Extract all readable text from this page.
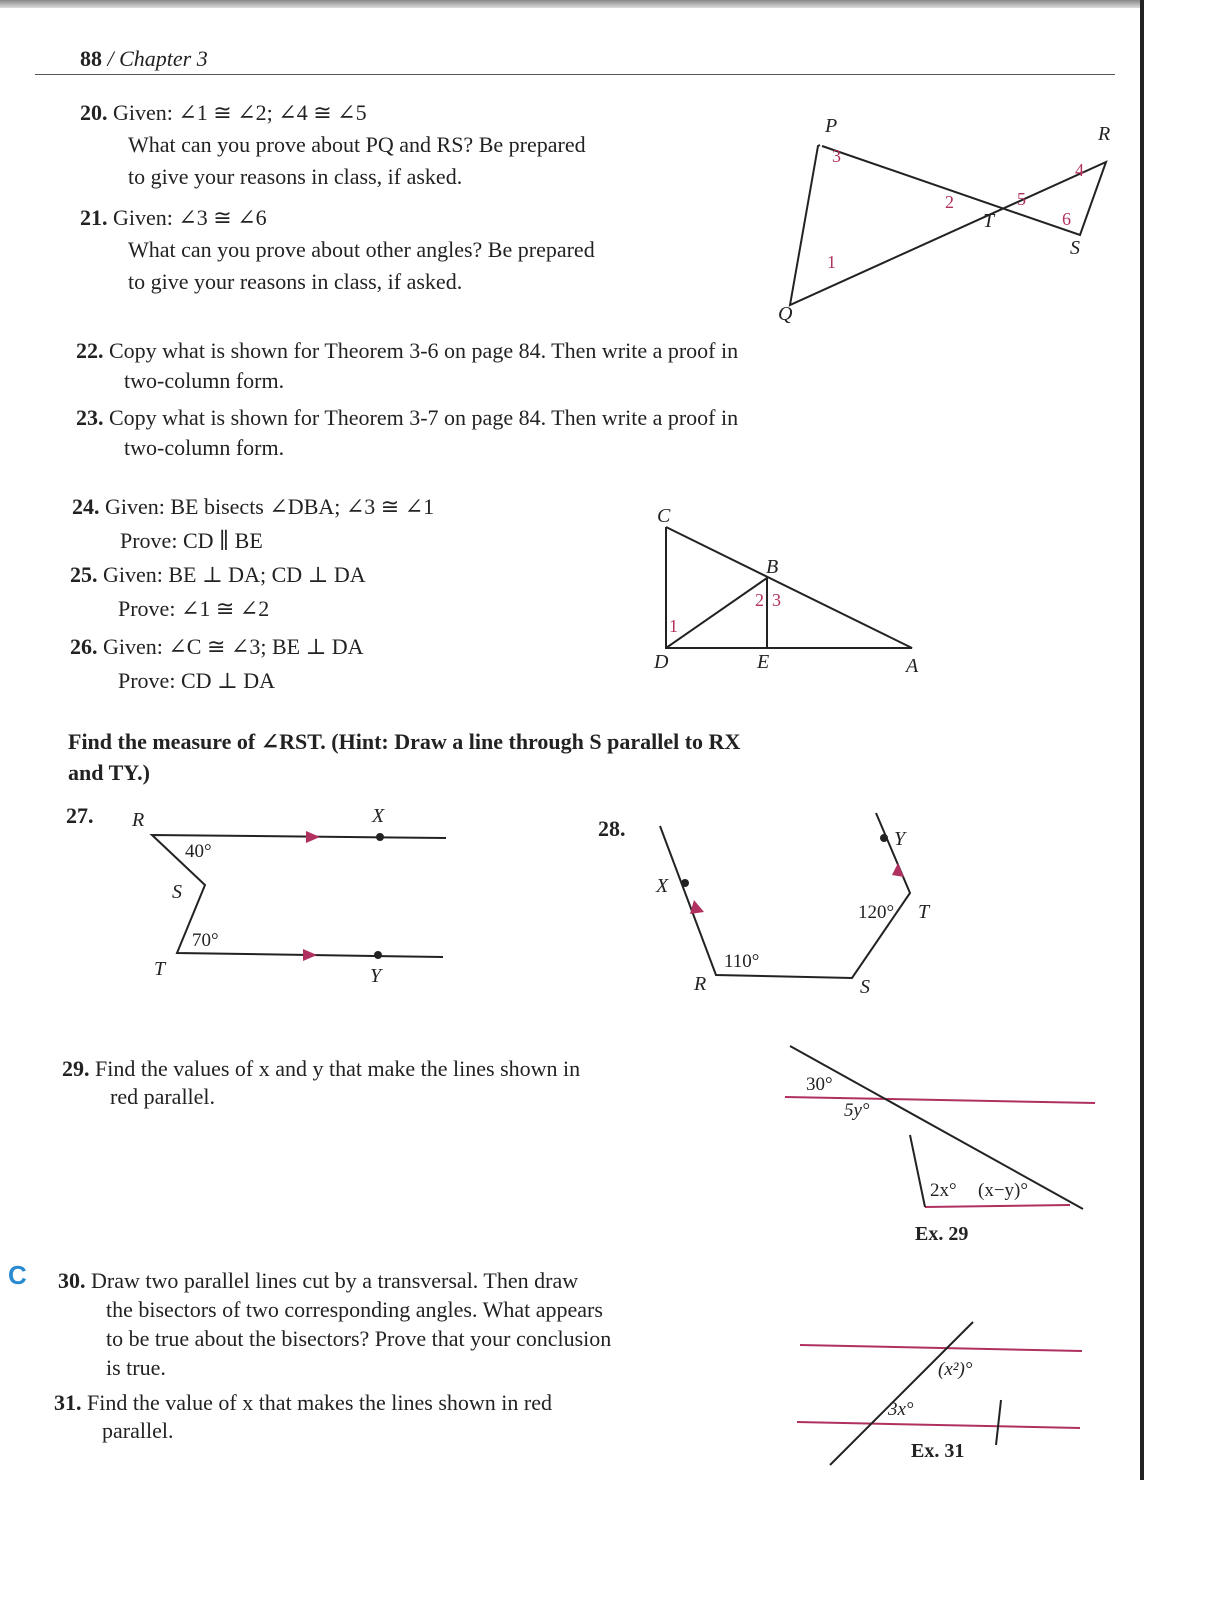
88 / Chapter 3
20. Given: ∠1 ≅ ∠2; ∠4 ≅ ∠5
What can you prove about PQ and RS? Be prepared
to give your reasons in class, if asked.
21. Given: ∠3 ≅ ∠6
What can you prove about other angles? Be prepared
to give your reasons in class, if asked.
22. Copy what is shown for Theorem 3-6 on page 84. Then write a proof in
two-column form.
23. Copy what is shown for Theorem 3-7 on page 84. Then write a proof in
two-column form.
24. Given: BE bisects ∠DBA; ∠3 ≅ ∠1
Prove: CD ∥ BE
25. Given: BE ⊥ DA; CD ⊥ DA
Prove: ∠1 ≅ ∠2
26. Given: ∠C ≅ ∠3; BE ⊥ DA
Prove: CD ⊥ DA
29. Find the values of x and y that make the lines shown in
red parallel.
30. Draw two parallel lines cut by a transversal. Then draw
the bisectors of two corresponding angles. What appears
to be true about the bisectors? Prove that your conclusion
is true.
31. Find the value of x that makes the lines shown in red
parallel.
Find the measure of ∠RST. (Hint: Draw a line through S parallel to RX
and TY.)
C
27.
28.
P
Q
R
S
T
1
2
3
4
5
6
C
B
D	E	A
1
2 3
R	X
S
T	Y
40°
70°
X
Y
R	S
T
110°
120°
30°
5y°
2x° (x−y)°
Ex. 29
(x²)°
3x°
Ex. 31
